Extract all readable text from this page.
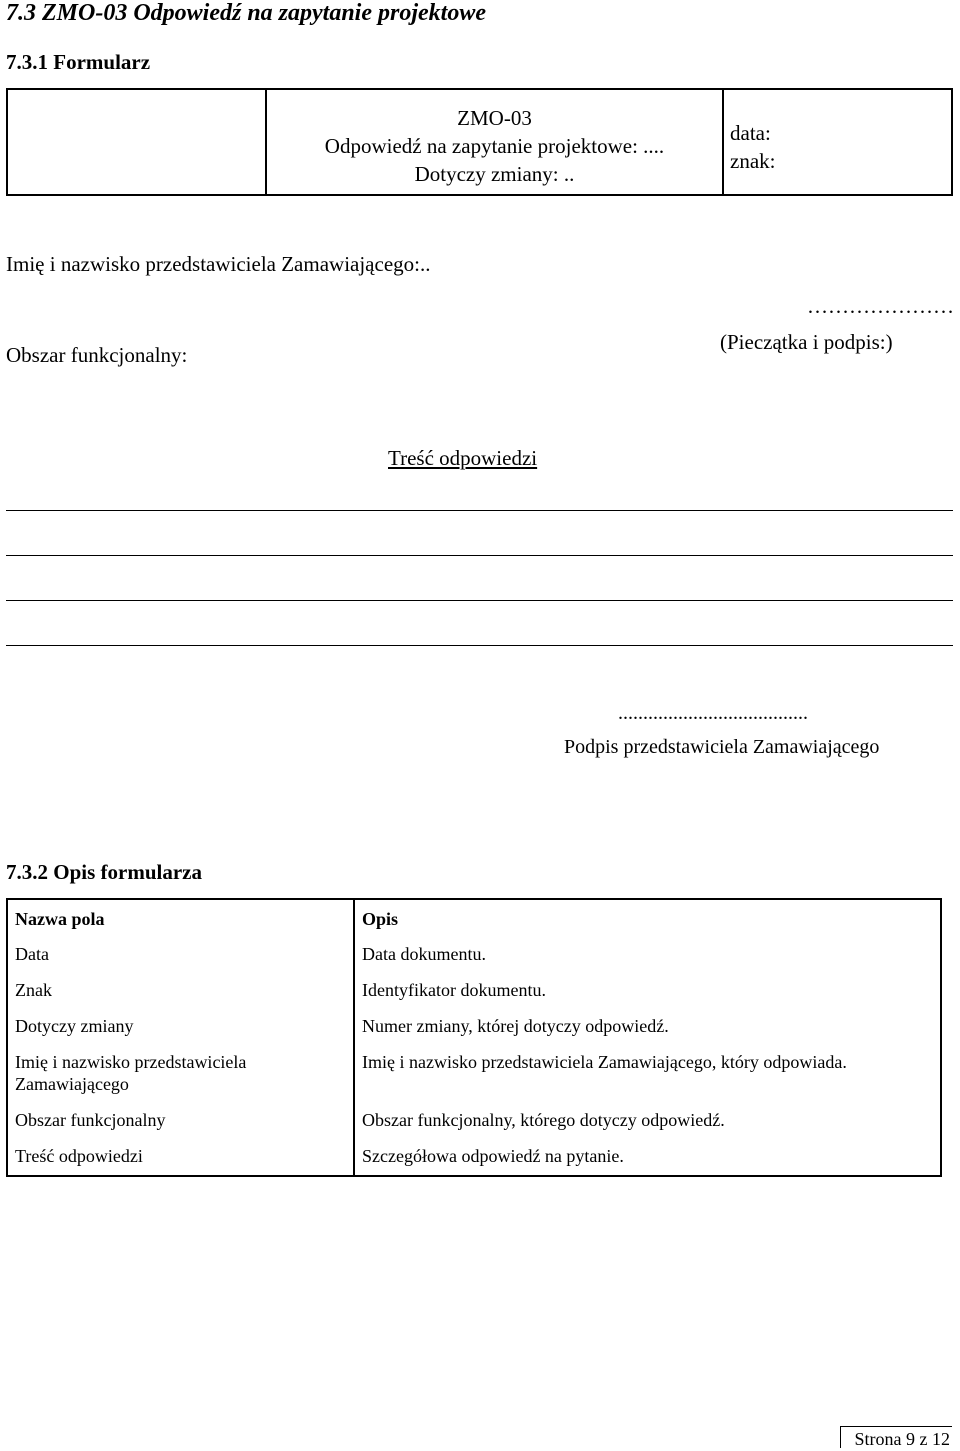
7.3 ZMO-03 Odpowiedź na zapytanie projektowe
7.3.1 Formularz
ZMO-03
Odpowiedź na zapytanie projektowe: ....
Dotyczy zmiany: ..
data:
znak:
Imię i nazwisko przedstawiciela Zamawiającego:..
…………………
(Pieczątka i podpis:)
Obszar funkcjonalny:
Treść odpowiedzi
......................................
Podpis przedstawiciela Zamawiającego
7.3.2 Opis formularza
Nazwa pola	Opis
Data	Data dokumentu.
Znak	Identyfikator dokumentu.
Dotyczy zmiany	Numer zmiany, której dotyczy odpowiedź.
Imię i nazwisko przedstawiciela Zamawiającego	Imię i nazwisko przedstawiciela Zamawiającego, który odpowiada.
Obszar funkcjonalny	Obszar funkcjonalny, którego dotyczy odpowiedź.
Treść odpowiedzi	Szczegółowa odpowiedź na pytanie.
Strona 9 z 12
